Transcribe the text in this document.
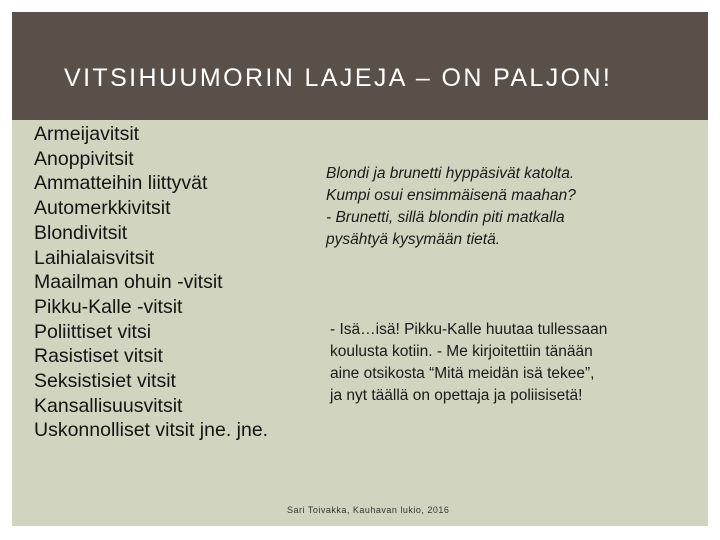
VITSIHUUMORIN LAJEJA – ON PALJON!
Armeijavitsit
Anoppivitsit
Ammatteihin liittyvät
Automerkkivitsit
Blondivitsit
Laihialaisvitsit
Maailman ohuin -vitsit
Pikku-Kalle -vitsit
Poliittiset vitsi
Rasistiset vitsit
Seksistisiet vitsit
Kansallisuusvitsit
Uskonnolliset vitsit jne. jne.
Blondi ja brunetti hyppäsivät katolta.
Kumpi osui ensimmäisenä maahan?
- Brunetti, sillä blondin piti matkalla
pysähtyä kysymään tietä.
- Isä…isä! Pikku-Kalle huutaa tullessaan
koulusta kotiin. - Me kirjoitettiin tänään
aine otsikosta “Mitä meidän isä tekee”,
ja nyt täällä on opettaja ja poliisisetä!
Sari Toivakka, Kauhavan lukio, 2016
